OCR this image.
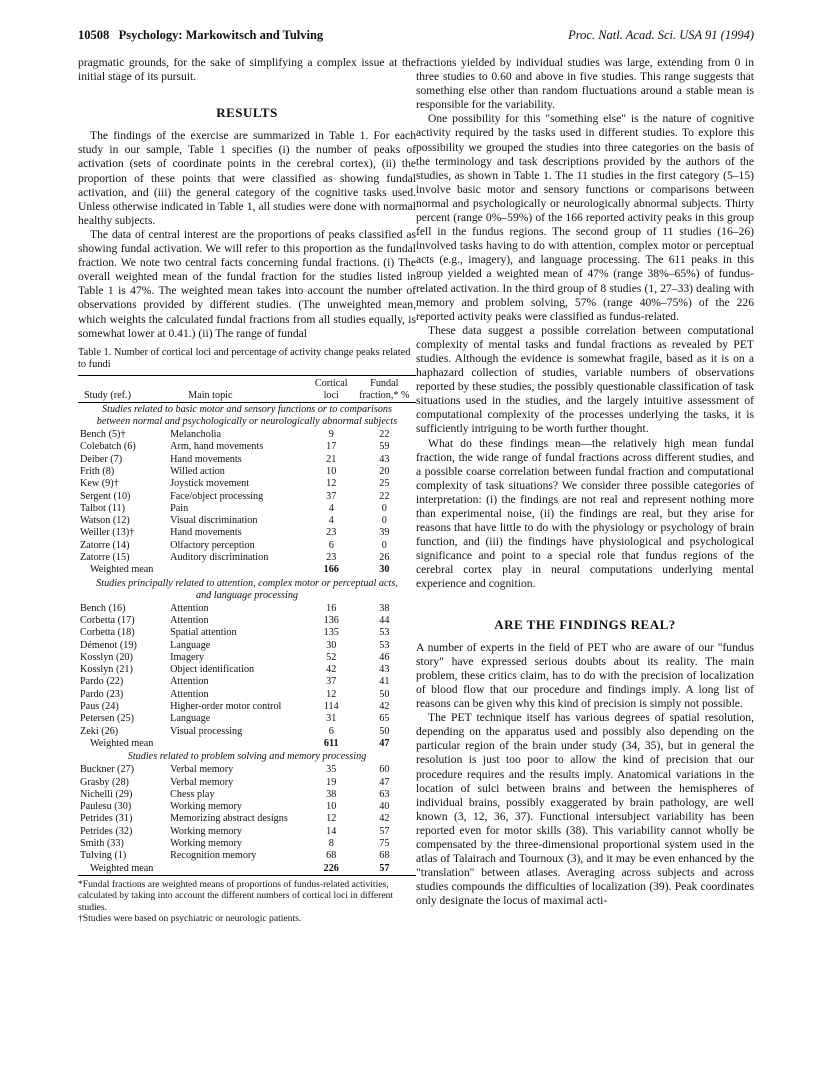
10508 Psychology: Markowitsch and Tulving	Proc. Natl. Acad. Sci. USA 91 (1994)

pragmatic grounds, for the sake of simplifying a complex issue at the initial stage of its pursuit.

RESULTS

The findings of the exercise are summarized in Table 1. For each study in our sample, Table 1 specifies (i) the number of peaks of activation (sets of coordinate points in the cerebral cortex), (ii) the proportion of these points that were classified as showing fundal activation, and (iii) the general category of the cognitive tasks used. Unless otherwise indicated in Table 1, all studies were done with normal healthy subjects.

The data of central interest are the proportions of peaks classified as showing fundal activation. We will refer to this proportion as the fundal fraction. We note two central facts concerning fundal fractions. (i) The overall weighted mean of the fundal fraction for the studies listed in Table 1 is 47%. The weighted mean takes into account the number of observations provided by different studies. (The unweighted mean, which weights the calculated fundal fractions from all studies equally, is somewhat lower at 0.41.) (ii) The range of fundal

Table 1. Number of cortical loci and percentage of activity change peaks related to fundi
		Cortical	Fundal
Study (ref.)	Main topic	loci	fraction,* %
Studies related to basic motor and sensory functions or to comparisons between normal and psychologically or neurologically abnormal subjects			
Bench (5)†	Melancholia	9	22
Colebatch (6)	Arm, hand movements	17	59
Deiber (7)	Hand movements	21	43
Frith (8)	Willed action	10	20
Kew (9)†	Joystick movement	12	25
Sergent (10)	Face/object processing	37	22
Talbot (11)	Pain	4	0
Watson (12)	Visual discrimination	4	0
Weiller (13)†	Hand movements	23	39
Zatorre (14)	Olfactory perception	6	0
Zatorre (15)	Auditory discrimination	23	26
Weighted mean		166	30
Studies principally related to attention, complex motor or perceptual acts, and language processing			
Bench (16)	Attention	16	38
Corbetta (17)	Attention	136	44
Corbetta (18)	Spatial attention	135	53
Démenot (19)	Language	30	53
Kosslyn (20)	Imagery	52	46
Kosslyn (21)	Object identification	42	43
Pardo (22)	Attention	37	41
Pardo (23)	Attention	12	50
Paus (24)	Higher-order motor control	114	42
Petersen (25)	Language	31	65
Zeki (26)	Visual processing	6	50
Weighted mean		611	47
Studies related to problem solving and memory processing			
Buckner (27)	Verbal memory	35	60
Grasby (28)	Verbal memory	19	47
Nichelli (29)	Chess play	38	63
Paulesu (30)	Working memory	10	40
Petrides (31)	Memorizing abstract designs	12	42
Petrides (32)	Working memory	14	57
Smith (33)	Working memory	8	75
Tulving (1)	Recognition memory	68	68
Weighted mean		226	57
*Fundal fractions are weighted means of proportions of fundus-related activities, calculated by taking into account the different numbers of cortical loci in different studies.
†Studies were based on psychiatric or neurologic patients.

fractions yielded by individual studies was large, extending from 0 in three studies to 0.60 and above in five studies. This range suggests that something else other than random fluctuations around a stable mean is responsible for the variability.

One possibility for this "something else" is the nature of cognitive activity required by the tasks used in different studies. To explore this possibility we grouped the studies into three categories on the basis of the terminology and task descriptions provided by the authors of the studies, as shown in Table 1. The 11 studies in the first category (5–15) involve basic motor and sensory functions or comparisons between normal and psychologically or neurologically abnormal subjects. Thirty percent (range 0%–59%) of the 166 reported activity peaks in this group fell in the fundus regions. The second group of 11 studies (16–26) involved tasks having to do with attention, complex motor or perceptual acts (e.g., imagery), and language processing. The 611 peaks in this group yielded a weighted mean of 47% (range 38%–65%) of fundus-related activation. In the third group of 8 studies (1, 27–33) dealing with memory and problem solving, 57% (range 40%–75%) of the 226 reported activity peaks were classified as fundus-related.

These data suggest a possible correlation between computational complexity of mental tasks and fundal fractions as revealed by PET studies. Although the evidence is somewhat fragile, based as it is on a haphazard collection of studies, variable numbers of observations reported by these studies, the possibly questionable classification of task situations used in the studies, and the largely intuitive assessment of computational complexity of the processes underlying the tasks, it is sufficiently intriguing to be worth further thought.

What do these findings mean—the relatively high mean fundal fraction, the wide range of fundal fractions across different studies, and a possible coarse correlation between fundal fraction and computational complexity of task situations? We consider three possible categories of interpretation: (i) the findings are not real and represent nothing more than experimental noise, (ii) the findings are real, but they arise for reasons that have little to do with the physiology or psychology of brain function, and (iii) the findings have physiological and psychological significance and point to a special role that fundus regions of the cerebral cortex play in neural computations underlying mental experience and cognition.

ARE THE FINDINGS REAL?

A number of experts in the field of PET who are aware of our "fundus story" have expressed serious doubts about its reality. The main problem, these critics claim, has to do with the precision of localization of blood flow that our procedure and findings imply. A long list of reasons can be given why this kind of precision is simply not possible.

The PET technique itself has various degrees of spatial resolution, depending on the apparatus used and possibly also depending on the particular region of the brain under study (34, 35), but in general the resolution is just too poor to allow the kind of precision that our procedure requires and the results imply. Anatomical variations in the location of sulci between brains and between the hemispheres of individual brains, possibly exaggerated by brain pathology, are well known (3, 12, 36, 37). Functional intersubject variability has been reported even for motor skills (38). This variability cannot wholly be compensated by the three-dimensional proportional system used in the atlas of Talairach and Tournoux (3), and it may be even enhanced by the "translation" between atlases. Averaging across subjects and across studies compounds the difficulties of localization (39). Peak coordinates only designate the locus of maximal acti-
